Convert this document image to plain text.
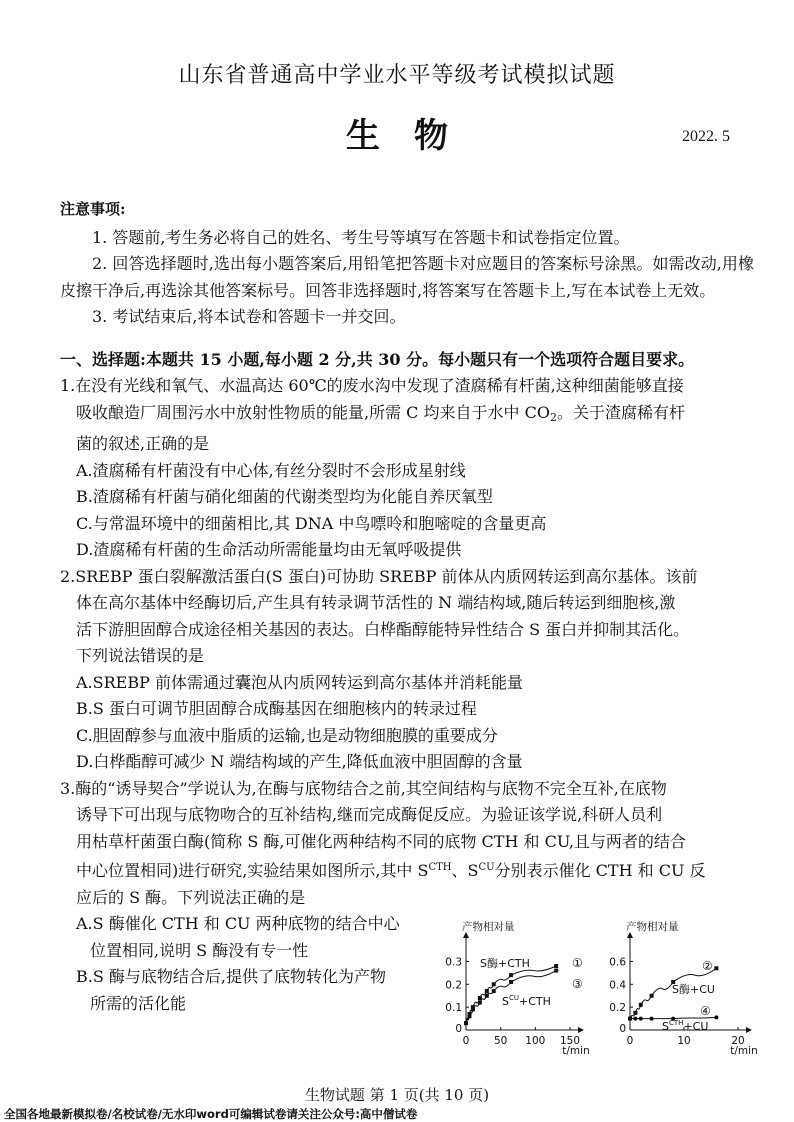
山东省普通高中学业水平等级考试模拟试题
生物	2022. 5
注意事项:
1. 答题前,考生务必将自己的姓名、考生号等填写在答题卡和试卷指定位置。
2. 回答选择题时,选出每小题答案后,用铅笔把答题卡对应题目的答案标号涂黑。如需改动,用橡皮擦干净后,再选涂其他答案标号。回答非选择题时,将答案写在答题卡上,写在本试卷上无效。
3. 考试结束后,将本试卷和答题卡一并交回。
一、选择题:本题共 15 小题,每小题 2 分,共 30 分。每小题只有一个选项符合题目要求。
1.在没有光线和氧气、水温高达 60℃的废水沟中发现了渣腐稀有杆菌,这种细菌能够直接
吸收酿造厂周围污水中放射性物质的能量,所需 C 均来自于水中 $CO_2$。关于渣腐稀有杆
菌的叙述,正确的是
A.渣腐稀有杆菌没有中心体,有丝分裂时不会形成星射线
B.渣腐稀有杆菌与硝化细菌的代谢类型均为化能自养厌氧型
C.与常温环境中的细菌相比,其 DNA 中鸟嘌呤和胞嘧啶的含量更高
D.渣腐稀有杆菌的生命活动所需能量均由无氧呼吸提供
2.SREBP 蛋白裂解激活蛋白(S 蛋白)可协助 SREBP 前体从内质网转运到高尔基体。该前
体在高尔基体中经酶切后,产生具有转录调节活性的 N 端结构域,随后转运到细胞核,激
活下游胆固醇合成途径相关基因的表达。白桦酯醇能特异性结合 S 蛋白并抑制其活化。
下列说法错误的是
A.SREBP 前体需通过囊泡从内质网转运到高尔基体并消耗能量
B.S 蛋白可调节胆固醇合成酶基因在细胞核内的转录过程
C.胆固醇参与血液中脂质的运输,也是动物细胞膜的重要成分
D.白桦酯醇可减少 N 端结构域的产生,降低血液中胆固醇的含量
3.酶的“诱导契合”学说认为,在酶与底物结合之前,其空间结构与底物不完全互补,在底物
诱导下可出现与底物吻合的互补结构,继而完成酶促反应。为验证该学说,科研人员利
用枯草杆菌蛋白酶(简称 S 酶,可催化两种结构不同的底物 CTH 和 CU,且与两者的结合
中心位置相同)进行研究,实验结果如图所示,其中 $S^{CTH}$、$S^{CU}$分别表示催化 CTH 和 CU 反
应后的 S 酶。下列说法正确的是
A.S 酶催化 CTH 和 CU 两种底物的结合中心
位置相同,说明 S 酶没有专一性
B.S 酶与底物结合后,提供了底物转化为产物
所需的活化能
产物相对量
0.1
0.2
0.3
0
0 50 100 150
t/min
S酶+CTH	①
$S^{CU}+CTH$
③
产物相对量
0.2
0.4
0.6
0
0	10	20
t/min
S酶+CU
②
$S^{CTH}+CU$
④
生物试题 第 1 页(共 10 页)
全国各地最新模拟卷/名校试卷/无水印word可编辑试卷请关注公众号:高中僧试卷
